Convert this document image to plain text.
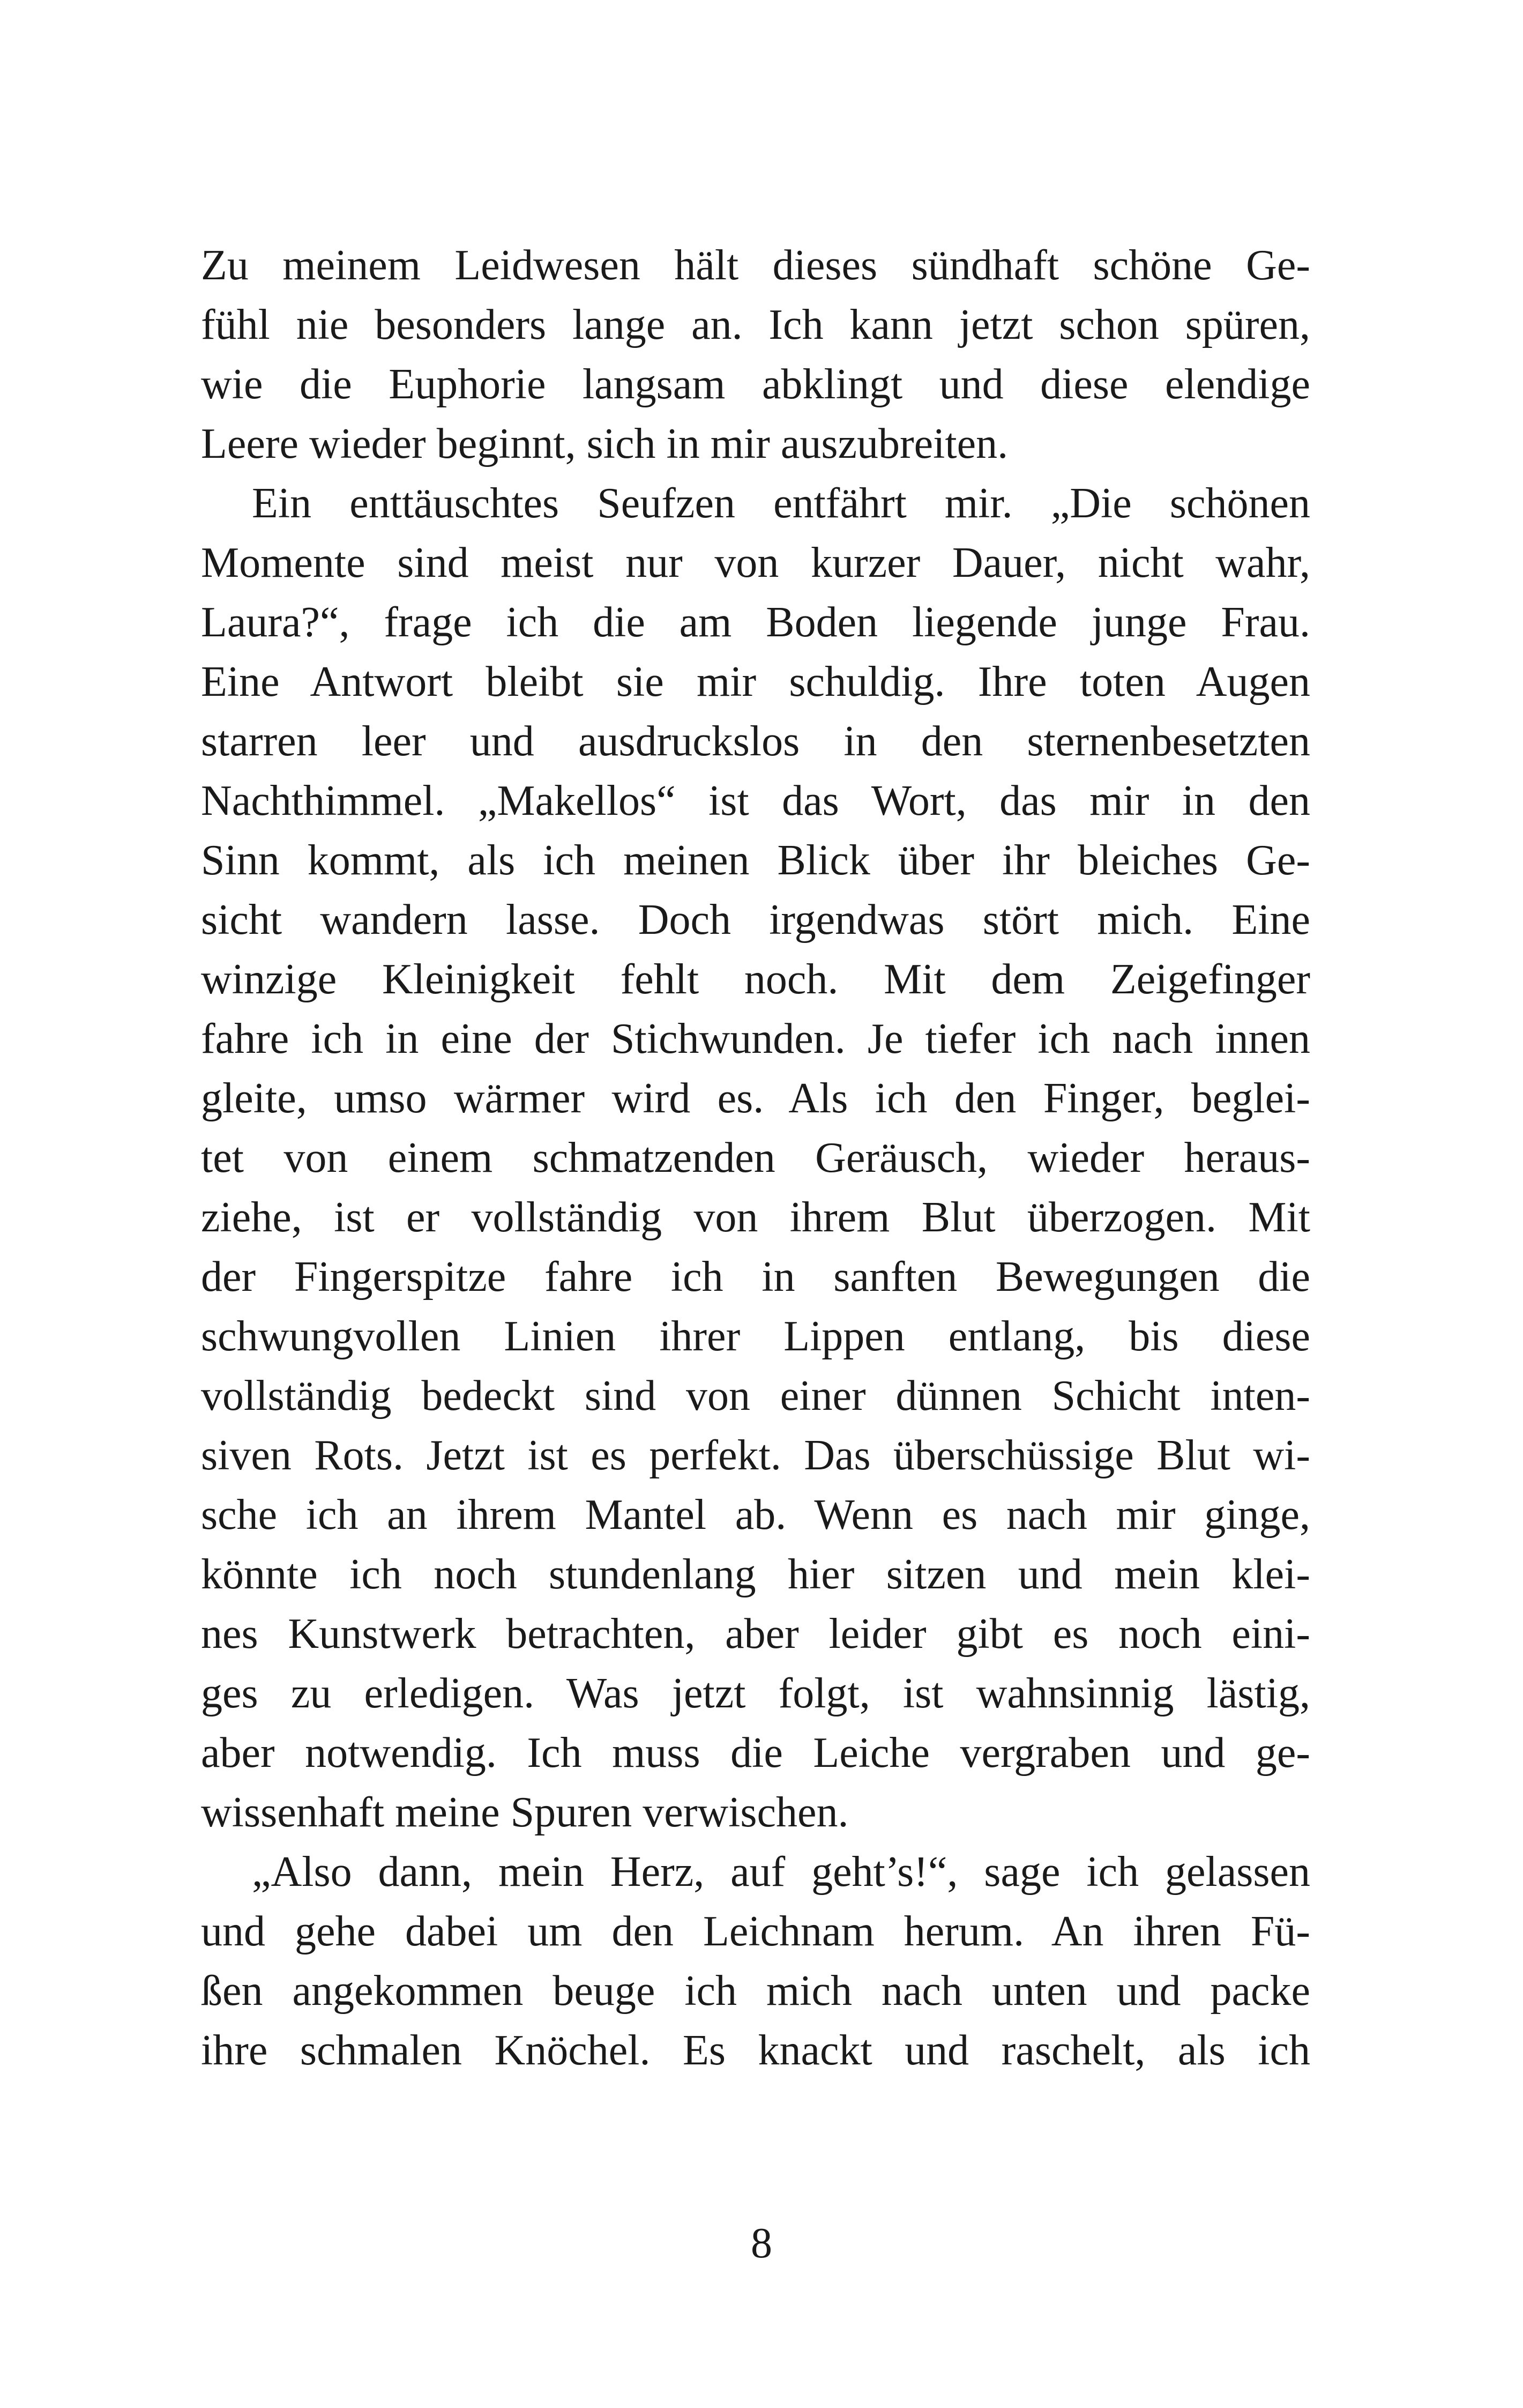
Zu meinem Leidwesen hält dieses sündhaft schöne Ge-
fühl nie besonders lange an. Ich kann jetzt schon spüren,
wie die Euphorie langsam abklingt und diese elendige
Leere wieder beginnt, sich in mir auszubreiten.
Ein enttäuschtes Seufzen entfährt mir. „Die schönen
Momente sind meist nur von kurzer Dauer, nicht wahr,
Laura?“, frage ich die am Boden liegende junge Frau.
Eine Antwort bleibt sie mir schuldig. Ihre toten Augen
starren leer und ausdruckslos in den sternenbesetzten
Nachthimmel. „Makellos“ ist das Wort, das mir in den
Sinn kommt, als ich meinen Blick über ihr bleiches Ge-
sicht wandern lasse. Doch irgendwas stört mich. Eine
winzige Kleinigkeit fehlt noch. Mit dem Zeigefinger
fahre ich in eine der Stichwunden. Je tiefer ich nach innen
gleite, umso wärmer wird es. Als ich den Finger, beglei-
tet von einem schmatzenden Geräusch, wieder heraus-
ziehe, ist er vollständig von ihrem Blut überzogen. Mit
der Fingerspitze fahre ich in sanften Bewegungen die
schwungvollen Linien ihrer Lippen entlang, bis diese
vollständig bedeckt sind von einer dünnen Schicht inten-
siven Rots. Jetzt ist es perfekt. Das überschüssige Blut wi-
sche ich an ihrem Mantel ab. Wenn es nach mir ginge,
könnte ich noch stundenlang hier sitzen und mein klei-
nes Kunstwerk betrachten, aber leider gibt es noch eini-
ges zu erledigen. Was jetzt folgt, ist wahnsinnig lästig,
aber notwendig. Ich muss die Leiche vergraben und ge-
wissenhaft meine Spuren verwischen.
„Also dann, mein Herz, auf geht’s!“, sage ich gelassen
und gehe dabei um den Leichnam herum. An ihren Fü-
ßen angekommen beuge ich mich nach unten und packe
ihre schmalen Knöchel. Es knackt und raschelt, als ich
8
